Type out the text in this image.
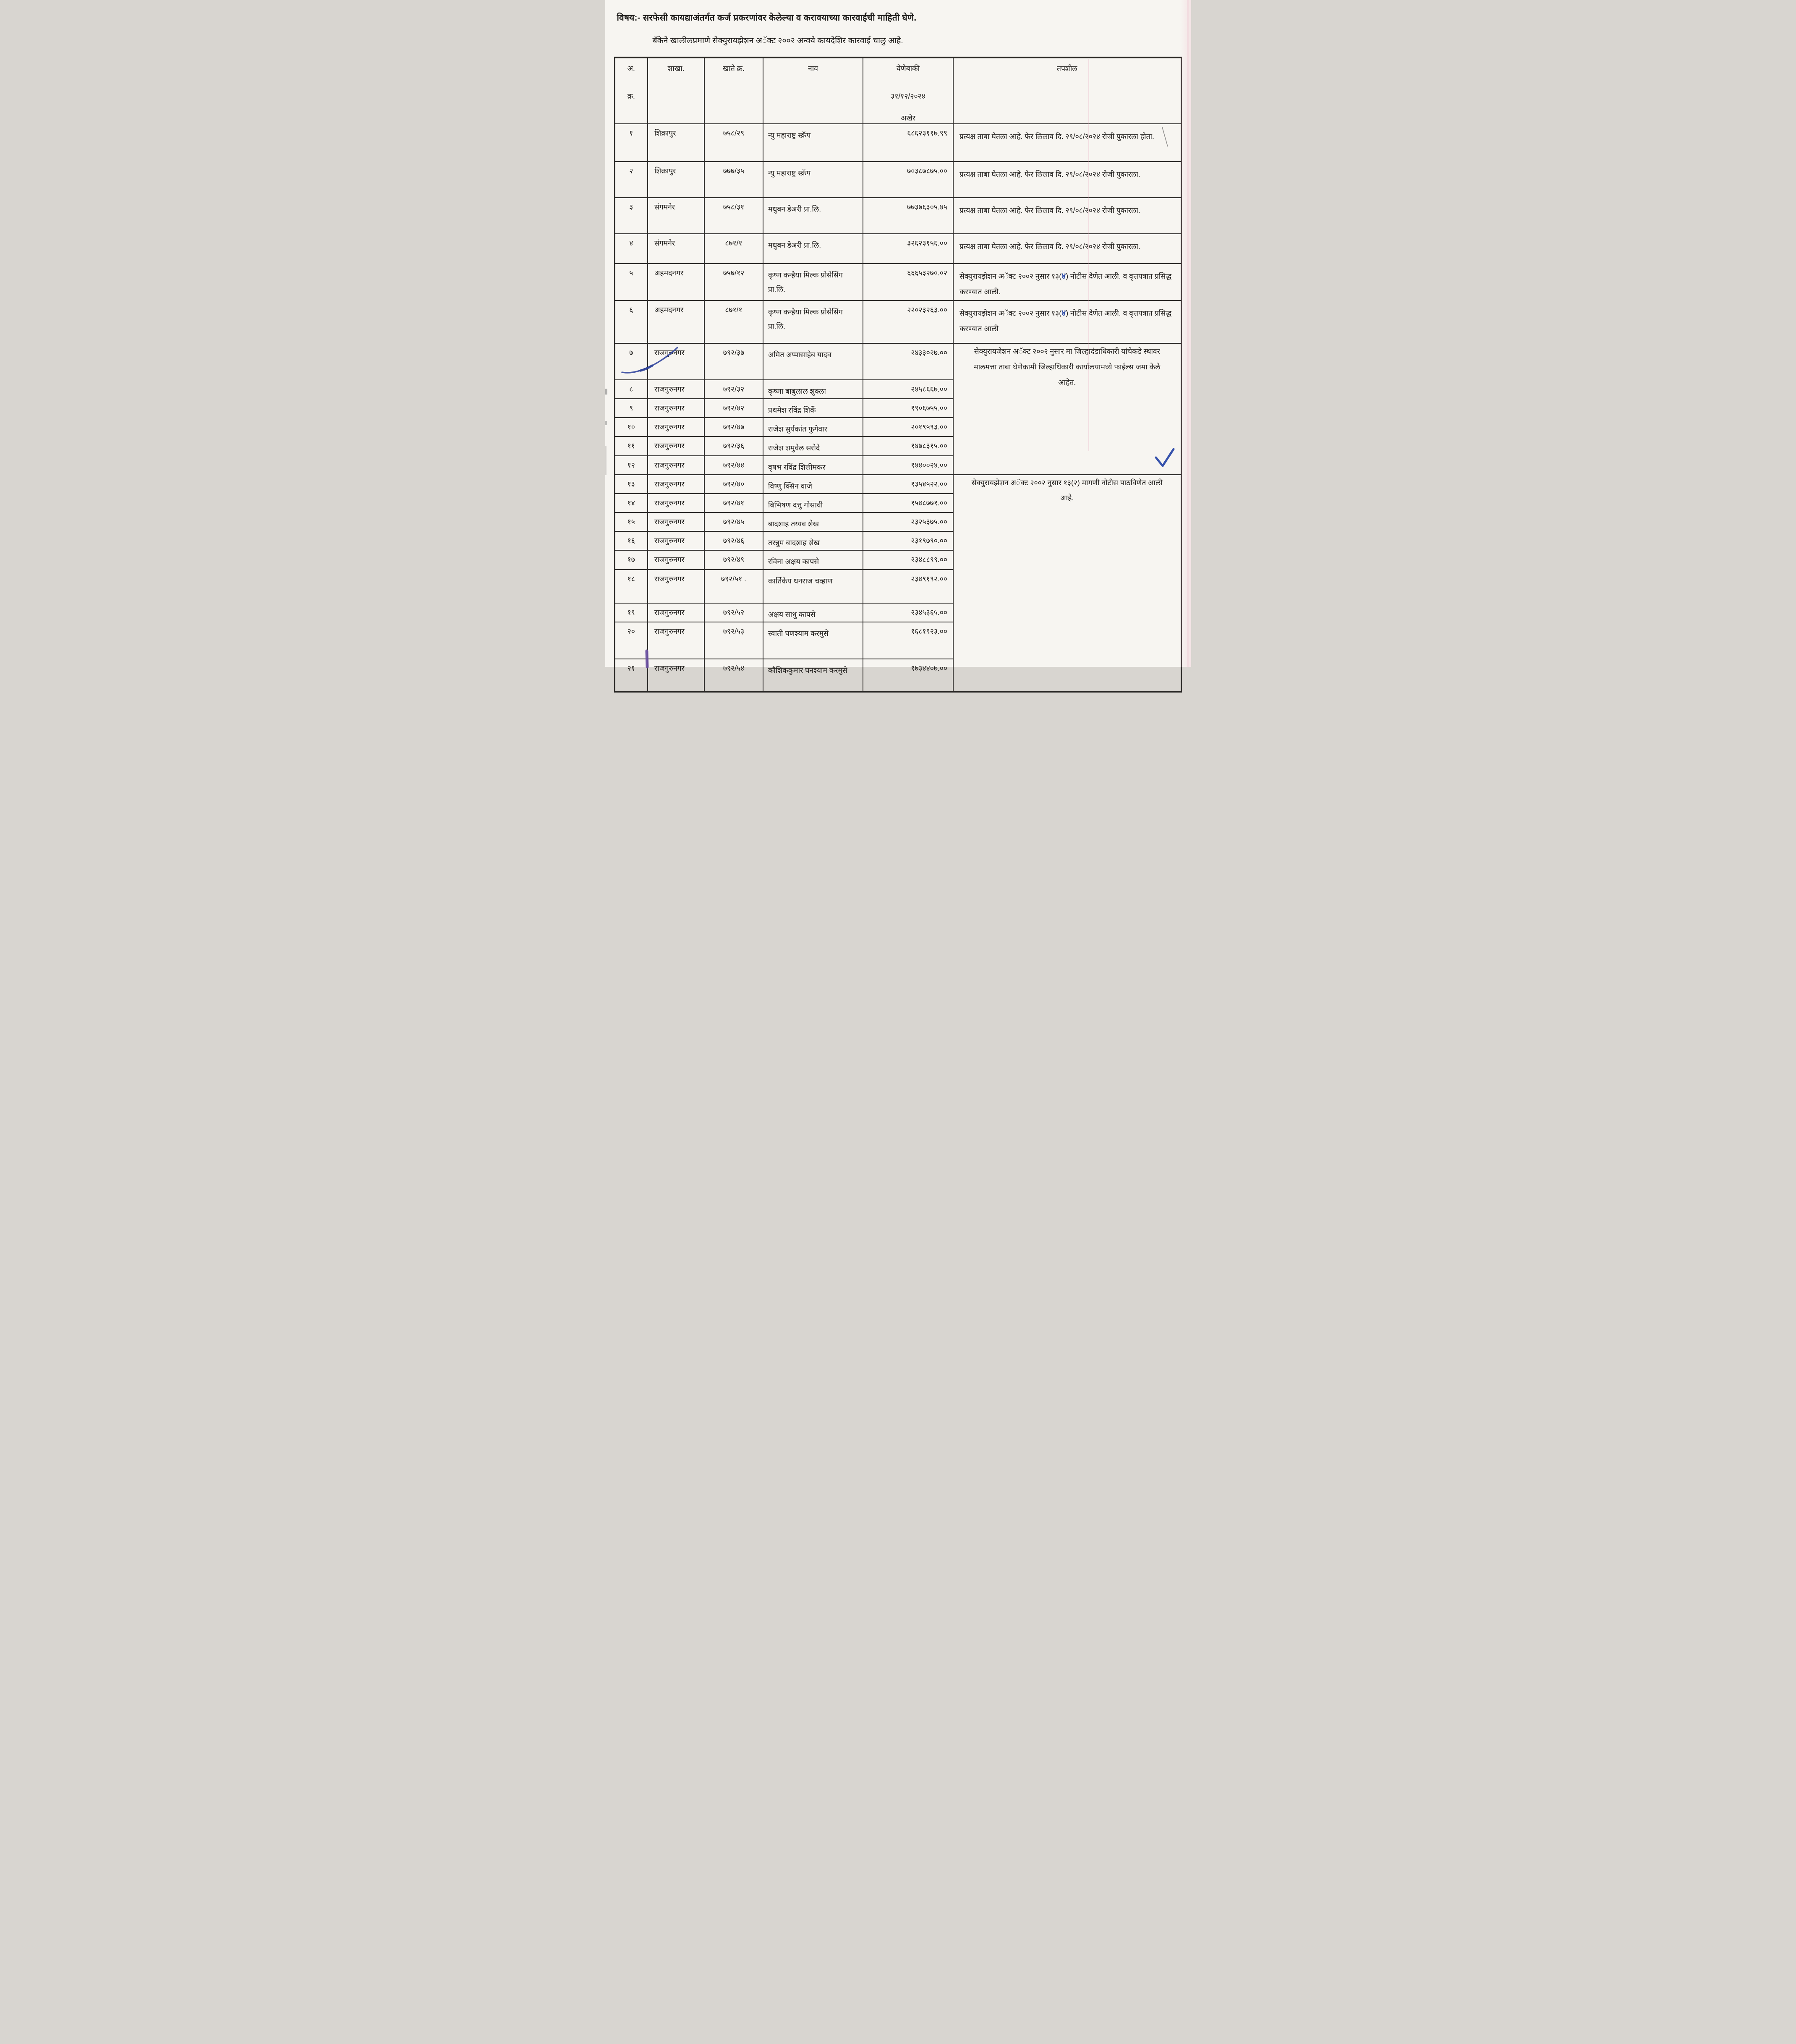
विषय:- सरफेसी कायद्याअंतर्गत कर्ज प्रकरणांवर केलेल्या व करावयाच्या कारवाईची माहिती घेणे.
बँकेने खालीलप्रमाणे सेक्युरायझेशन अॅक्ट २००२ अन्वये कायदेशिर कारवाई चालु आहे.
अ.
क्र.
	शाखा.	खाते क्र.	नाव	येणेबाकी
३१/१२/२०२४
अखेर
	तपशील
१	शिक्रापुर	७५८/२९	न्यु महाराष्ट्र स्क्रॅप	६८६२३११७.९९	प्रत्यक्ष ताबा घेतला आहे. फेर लिलाव दि. २९/०८/२०२४ रोजी पुकारला होता.
२	शिक्रापुर	७७७/३५	न्यु महाराष्ट्र स्क्रॅप	७०३८७८७५.००	प्रत्यक्ष ताबा घेतला आहे. फेर लिलाव दि. २९/०८/२०२४ रोजी पुकारला.
३	संगमनेर	७५८/३१	मधुबन डेअरी प्रा.लि.	७७३७६३०५.४५	प्रत्यक्ष ताबा घेतला आहे. फेर लिलाव दि. २९/०८/२०२४ रोजी पुकारला.
४	संगमनेर	८७१/१	मधुबन डेअरी प्रा.लि.	३२६२३१५६.००	प्रत्यक्ष ताबा घेतला आहे. फेर लिलाव दि. २९/०८/२०२४ रोजी पुकारला.
५	अहमदनगर	७५७/१२	कृष्ण कन्हैया मिल्क प्रोसेसिंग प्रा.लि.	६६६५३२७०.०२	सेक्युरायझेशन अॅक्ट २००२ नुसार १३(४) नोटीस देणेत आली. व वृत्तपत्रात प्रसिद्ध करण्यात आली.
६	अहमदनगर	८७१/१	कृष्ण कन्हैया मिल्क प्रोसेसिंग प्रा.लि.	२२०२३२६३.००	सेक्युरायझेशन अॅक्ट २००२ नुसार १३(४) नोटीस देणेत आली. व वृत्तपत्रात प्रसिद्ध करण्यात आली
७	राजगुरुनगर	७९२/३७	अमित अप्पासाहेब यादव	२४३३०२७.००	सेक्युरायजेशन अॅक्ट २००२ नुसार मा जिल्हादंडाधिकारी यांचेकडे स्थावर मालमत्ता ताबा घेणेकामी जिल्हाधिकारी कार्यालयामध्ये फाईल्स जमा केले आहेत.

८	राजगुरुनगर	७९२/३२	कृष्णा बाबुलाल शुक्ला	२४५८६६७.००	
९	राजगुरुनगर	७९२/४२	प्रथमेश रविंद्र शिर्के	१९०६७५५.००	
१०	राजगुरुनगर	७९२/४७	राजेश सुर्यकांत फुगेवार	२०१९५९३.००	
११	राजगुरुनगर	७९२/३६	राजेश शमुवेल सरोदे	१४७८३१५.००	
१२	राजगुरुनगर	७९२/४४	वृषभ रविंद्र शिलीमकर	१४४००२४.००	
१३	राजगुरुनगर	७९२/४०	विष्णु क्सिन वाजे	१३५४५२२.००	सेक्युरायझेशन अॅक्ट २००२ नुसार १३(२) मागणी नोटीस पाठविणेत आली आहे.
१४	राजगुरुनगर	७९२/४१	बिभिषण दत्तु गोसावी	१५४८७७१.००	
१५	राजगुरुनगर	७९२/४५	बादशाह तय्यब शेख	२३२५३७५.००	
१६	राजगुरुनगर	७९२/४६	तरन्नुम बादशाह शेख	२३१९७९०.००	
१७	राजगुरुनगर	७९२/४९	रविना अक्षय कापसे	२३४८८९९.००	
१८	राजगुरुनगर	७९२/५१ .	कार्तिकेय धनराज चव्हाण	२३४९१९२.००	
१९	राजगुरुनगर	७९२/५२	अक्षय साधु कापसे	२३४५३६५.००	
२०	राजगुरुनगर	७९२/५३	स्वाती घणश्याम करमुसे	१६८१९२३.००	
२१	राजगुरुनगर	७९२/५४	कौशिककुमार घनश्याम करमुसे	१७३४४०७.००	
